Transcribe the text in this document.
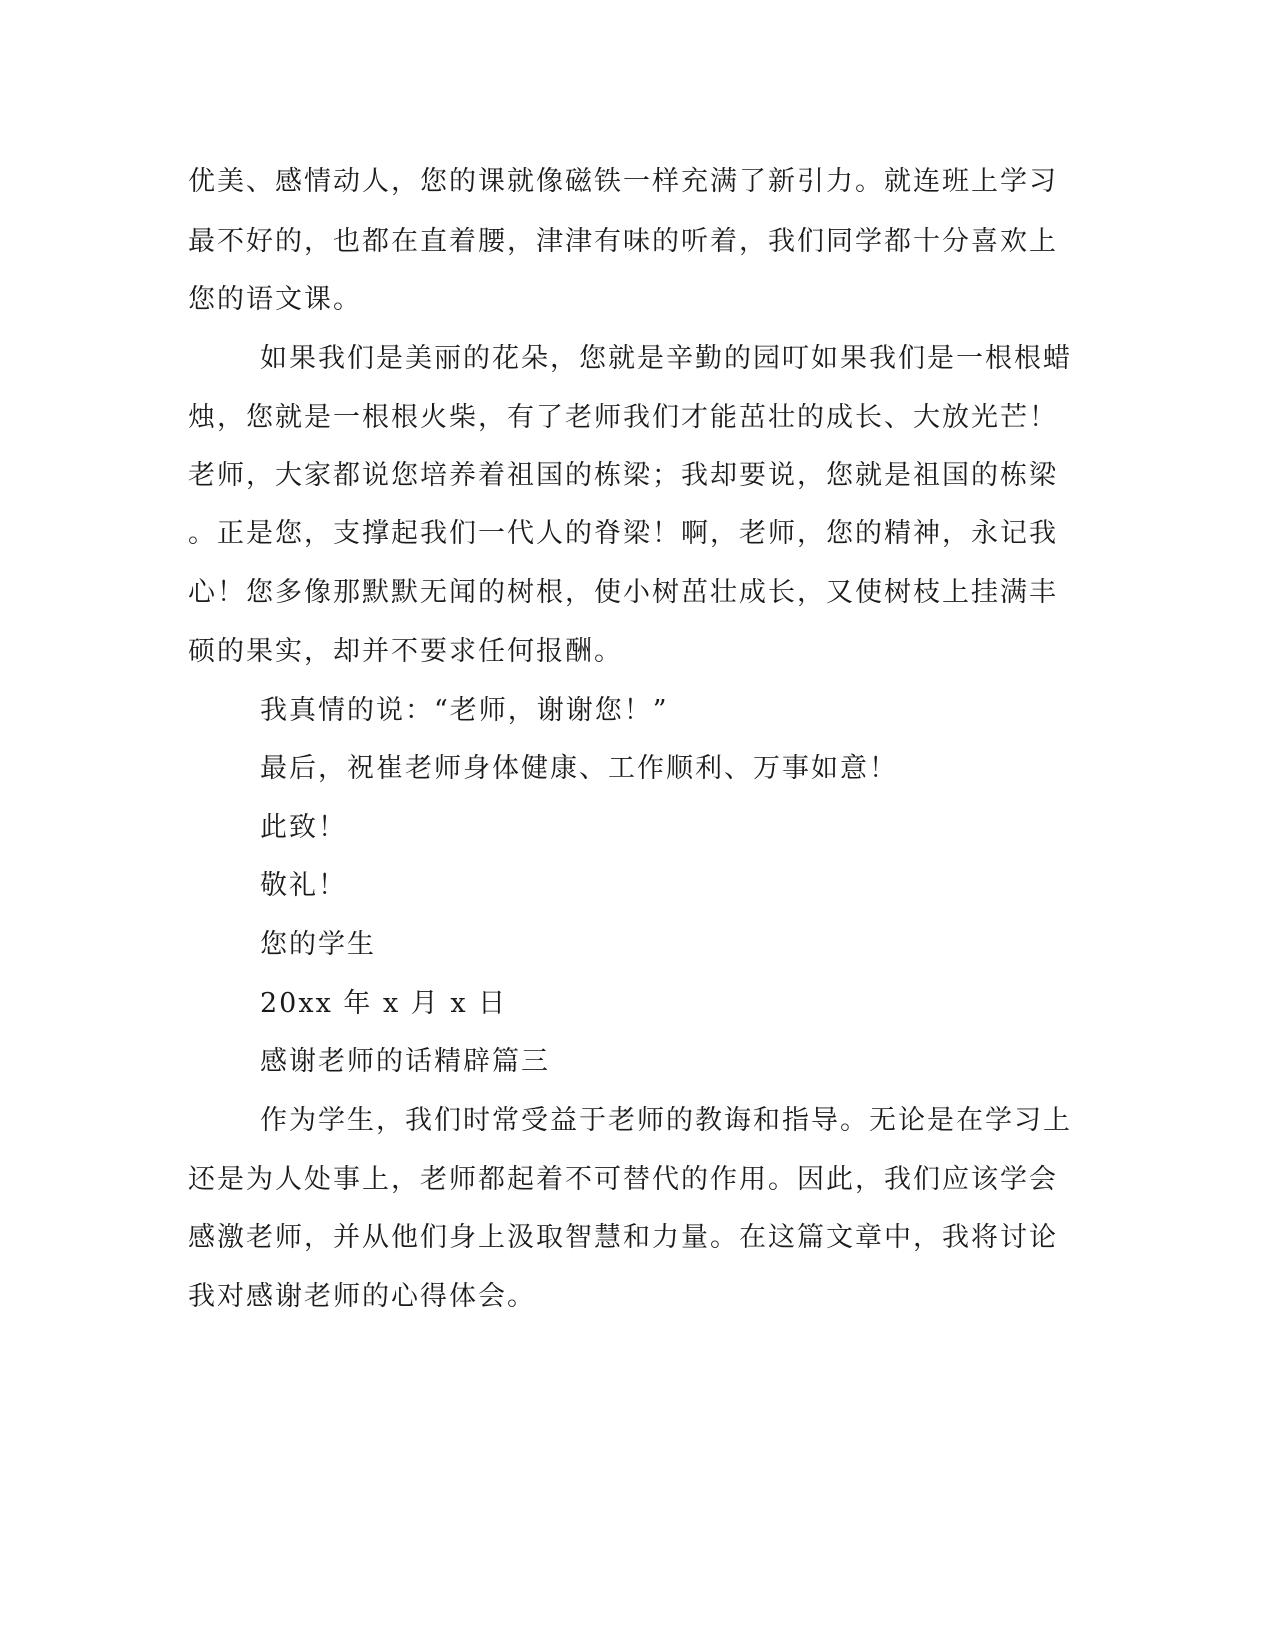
优美、感情动人，您的课就像磁铁一样充满了新引力。就连班上学习
最不好的，也都在直着腰，津津有味的听着，我们同学都十分喜欢上
您的语文课。
如果我们是美丽的花朵，您就是辛勤的园叮如果我们是一根根蜡
烛，您就是一根根火柴，有了老师我们才能茁壮的成长、大放光芒！
老师，大家都说您培养着祖国的栋梁；我却要说，您就是祖国的栋梁
。正是您，支撑起我们一代人的脊梁！啊，老师，您的精神，永记我
心！您多像那默默无闻的树根，使小树茁壮成长，又使树枝上挂满丰
硕的果实，却并不要求任何报酬。
我真情的说：“老师，谢谢您！”
最后，祝崔老师身体健康、工作顺利、万事如意！
此致！
敬礼！
您的学生
20xx 年 x 月 x 日
感谢老师的话精辟篇三
作为学生，我们时常受益于老师的教诲和指导。无论是在学习上
还是为人处事上，老师都起着不可替代的作用。因此，我们应该学会
感激老师，并从他们身上汲取智慧和力量。在这篇文章中，我将讨论
我对感谢老师的心得体会。
